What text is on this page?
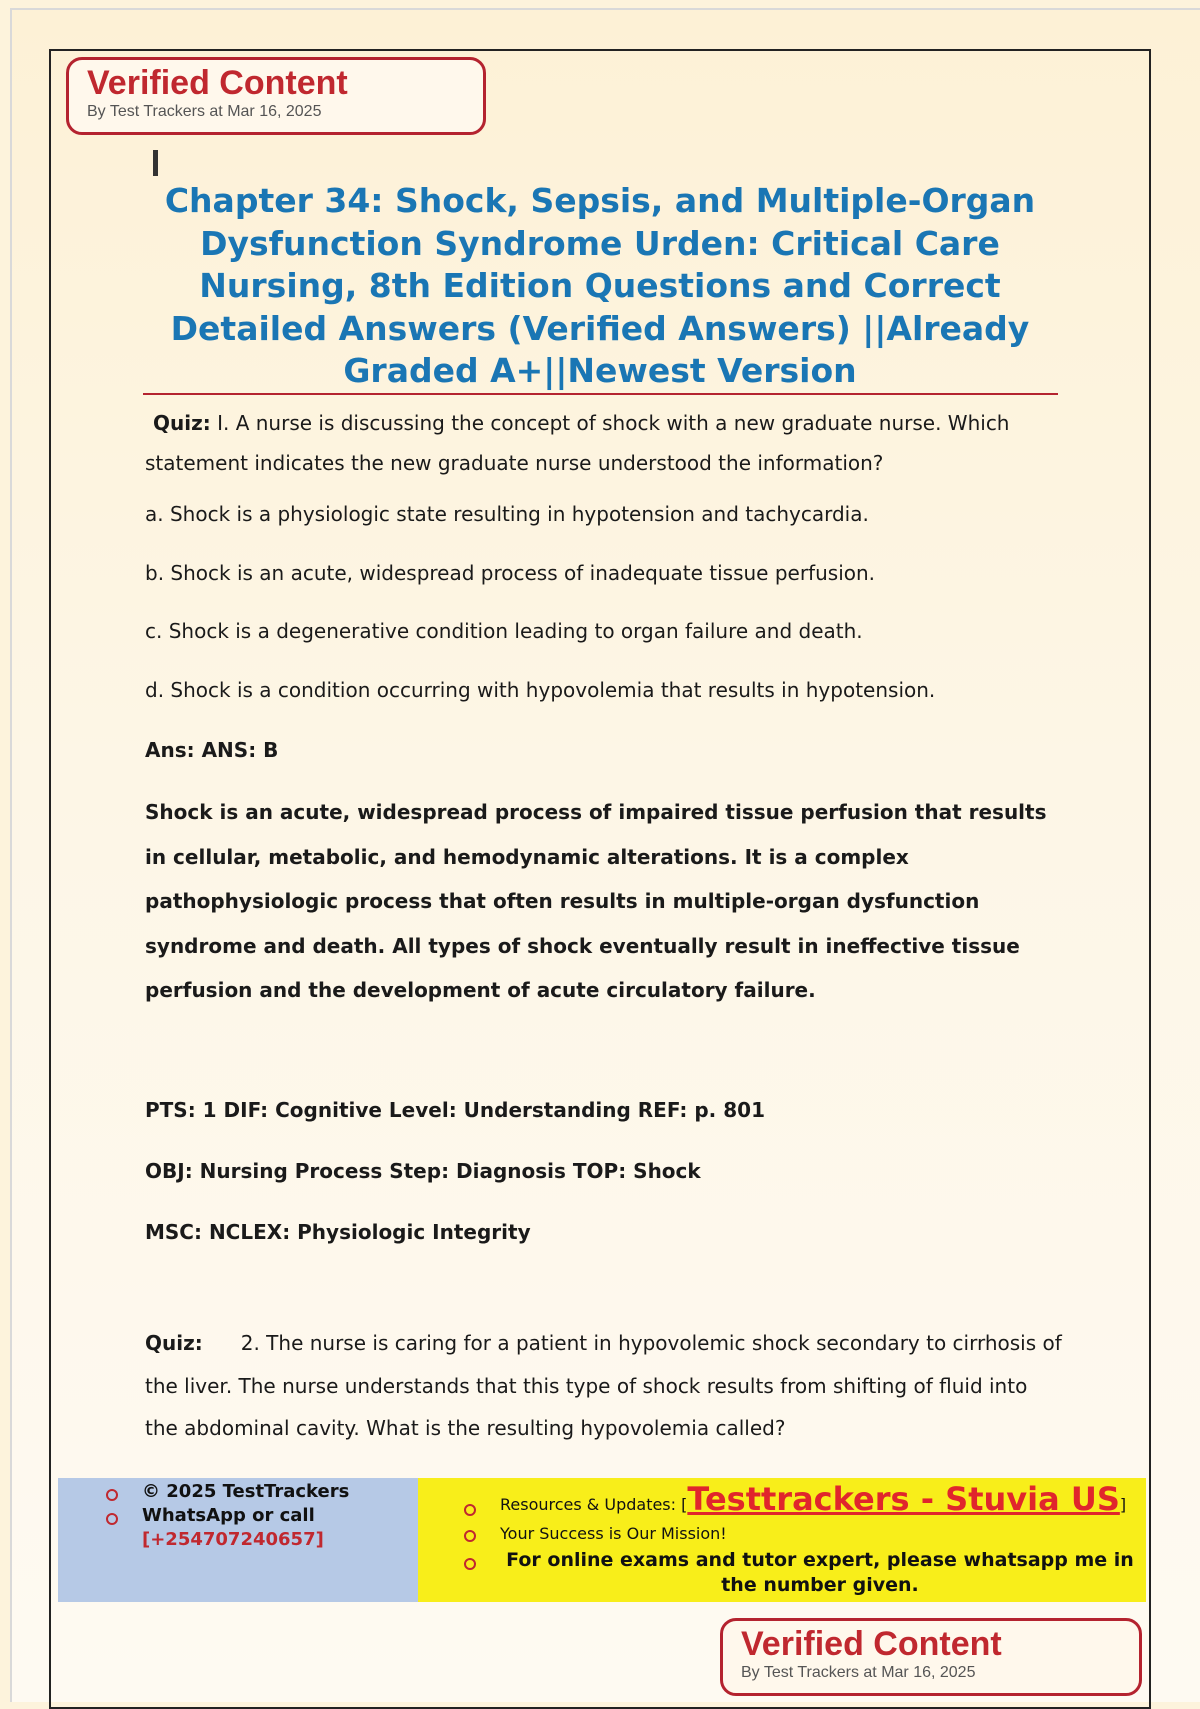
Verified Content
By Test Trackers at Mar 16, 2025
Chapter 34: Shock, Sepsis, and Multiple-Organ Dysfunction Syndrome Urden: Critical Care Nursing, 8th Edition Questions and Correct Detailed Answers (Verified Answers) ||Already Graded A+||Newest Version
Quiz: I. A nurse is discussing the concept of shock with a new graduate nurse. Which statement indicates the new graduate nurse understood the information?
a. Shock is a physiologic state resulting in hypotension and tachycardia.
b. Shock is an acute, widespread process of inadequate tissue perfusion.
c. Shock is a degenerative condition leading to organ failure and death.
d. Shock is a condition occurring with hypovolemia that results in hypotension.
Ans: ANS: B
Shock is an acute, widespread process of impaired tissue perfusion that results in cellular, metabolic, and hemodynamic alterations. It is a complex pathophysiologic process that often results in multiple-organ dysfunction syndrome and death. All types of shock eventually result in ineffective tissue perfusion and the development of acute circulatory failure.
PTS: 1 DIF: Cognitive Level: Understanding REF: p. 801
OBJ: Nursing Process Step: Diagnosis TOP: Shock
MSC: NCLEX: Physiologic Integrity
Quiz: 2. The nurse is caring for a patient in hypovolemic shock secondary to cirrhosis of the liver. The nurse understands that this type of shock results from shifting of fluid into the abdominal cavity. What is the resulting hypovolemia called?
© 2025 TestTrackers
WhatsApp or call
[+254707240657]
Resources & Updates: [Testtrackers - Stuvia US]
Your Success is Our Mission!
For online exams and tutor expert, please whatsapp me in the number given.
Verified Content
By Test Trackers at Mar 16, 2025
